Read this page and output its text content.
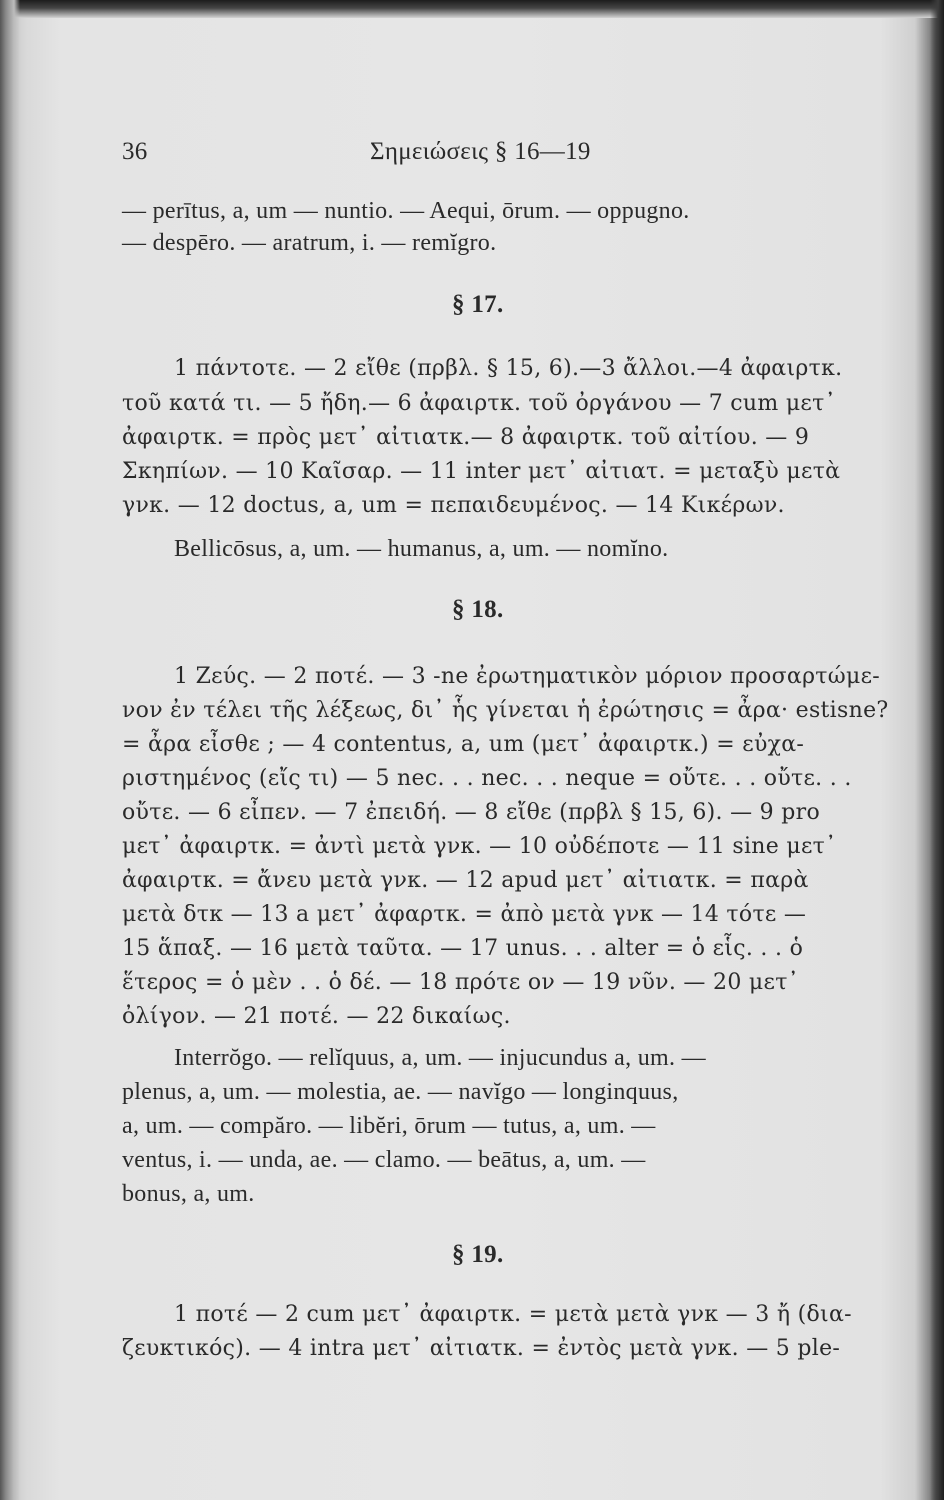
36	Σημειώσεις § 16—19
— perītus, a, um — nuntio. — Aequi, ōrum. — oppugno.
— despēro. — aratrum, i. — remĭgro.
§ 17.
1 πάντοτε. — 2 εἴθε (πρβλ. § 15, 6).—3 ἄλλοι.—4 ἀφαιρτκ.
τοῦ κατά τι. — 5 ἤδη.— 6 ἀφαιρτκ. τοῦ ὀργάνου — 7 cum μετ᾽
ἀφαιρτκ. = πρὸς μετ᾽ αἰτιατκ.— 8 ἀφαιρτκ. τοῦ αἰτίου. — 9
Σκηπίων. — 10 Καῖσαρ. — 11 inter μετ᾽ αἰτιατ. = μεταξὺ μετὰ
γνκ. — 12 doctus, a, um = πεπαιδευμένος. — 14 Κικέρων.
Bellicōsus, a, um. — humanus, a, um. — nomĭno.
§ 18.
1 Ζεύς. — 2 ποτέ. — 3 -ne ἐρωτηματικὸν μόριον προσαρτώμε-
νον ἐν τέλει τῆς λέξεως, δι᾽ ἧς γίνεται ἡ ἐρώτησις = ἆρα· estisne?
= ἆρα εἶσθε ; — 4 contentus, a, um (μετ᾽ ἀφαιρτκ.) = εὐχα-
ριστημένος (εἴς τι) — 5 nec. . . nec. . . neque = οὔτε. . . οὔτε. . .
οὔτε. — 6 εἶπεν. — 7 ἐπειδή. — 8 εἴθε (πρβλ § 15, 6). — 9 pro
μετ᾽ ἀφαιρτκ. = ἀντὶ μετὰ γνκ. — 10 οὐδέποτε — 11 sine μετ᾽
ἀφαιρτκ. = ἄνευ μετὰ γνκ. — 12 apud μετ᾽ αἰτιατκ. = παρὰ
μετὰ δτκ — 13 a μετ᾽ ἀφαρτκ. = ἀπὸ μετὰ γνκ — 14 τότε —
15 ἅπαξ. — 16 μετὰ ταῦτα. — 17 unus. . . alter = ὁ εἷς. . . ὁ
ἕτερος = ὁ μὲν . . ὁ δέ. — 18 πρότε ον — 19 νῦν. — 20 μετ᾽
ὀλίγον. — 21 ποτέ. — 22 δικαίως.
Interrŏgo. — relĭquus, a, um. — injucundus a, um. —
plenus, a, um. — molestia, ae. — navĭgo — longinquus,
a, um. — compăro. — libĕri, ōrum — tutus, a, um. —
ventus, i. — unda, ae. — clamo. — beātus, a, um. —
bonus, a, um.
§ 19.
1 ποτέ — 2 cum μετ᾽ ἀφαιρτκ. = μετὰ μετὰ γνκ — 3 ἤ (δια-
ζευκτικός). — 4 intra μετ᾽ αἰτιατκ. = ἐντὸς μετὰ γνκ. — 5 ple-
